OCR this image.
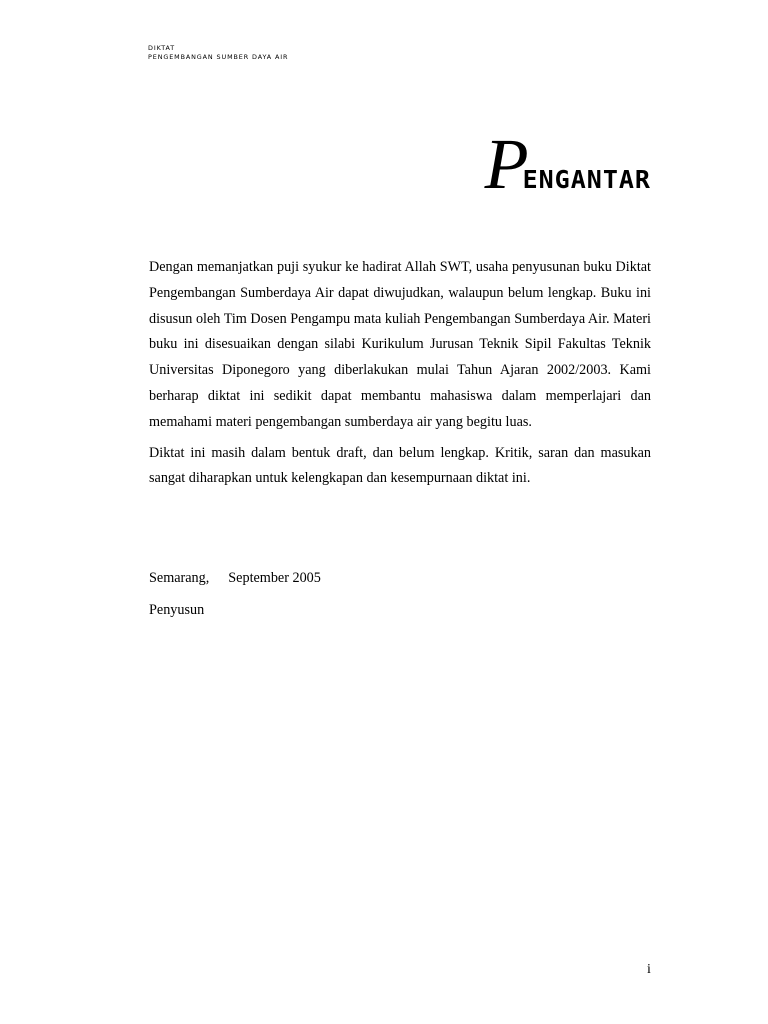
DIKTAT
PENGEMBANGAN SUMBER DAYA AIR
PENGANTAR

Dengan memanjatkan puji syukur ke hadirat Allah SWT, usaha penyusunan buku Diktat Pengembangan Sumberdaya Air dapat diwujudkan, walaupun belum lengkap. Buku ini disusun oleh Tim Dosen Pengampu mata kuliah Pengembangan Sumberdaya Air. Materi buku ini disesuaikan dengan silabi Kurikulum Jurusan Teknik Sipil Fakultas Teknik Universitas Diponegoro yang diberlakukan mulai Tahun Ajaran 2002/2003. Kami berharap diktat ini sedikit dapat membantu mahasiswa dalam memperlajari dan memahami materi pengembangan sumberdaya air yang begitu luas.

Diktat ini masih dalam bentuk draft, dan belum lengkap. Kritik, saran dan masukan sangat diharapkan untuk kelengkapan dan kesempurnaan diktat ini.

Semarang, September 2005
Penyusun
i
